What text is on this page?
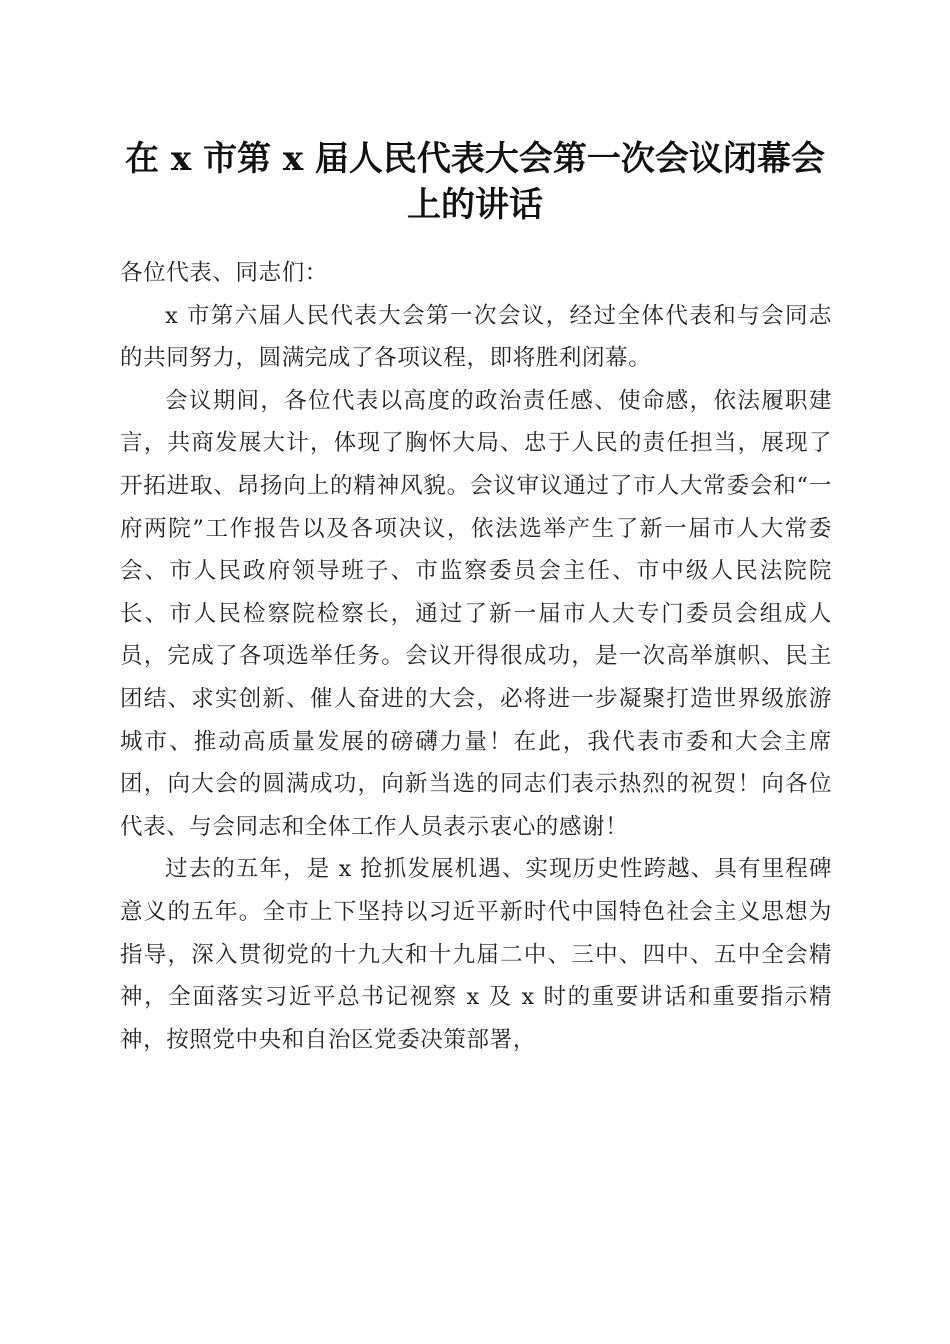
在 x 市第 x 届人民代表大会第一次会议闭幕会上的讲话

各位代表、同志们：

x 市第六届人民代表大会第一次会议，经过全体代表和与会同志的共同努力，圆满完成了各项议程，即将胜利闭幕。

会议期间，各位代表以高度的政治责任感、使命感，依法履职建言，共商发展大计，体现了胸怀大局、忠于人民的责任担当，展现了开拓进取、昂扬向上的精神风貌。会议审议通过了市人大常委会和“一府两院”工作报告以及各项决议，依法选举产生了新一届市人大常委会、市人民政府领导班子、市监察委员会主任、市中级人民法院院长、市人民检察院检察长，通过了新一届市人大专门委员会组成人员，完成了各项选举任务。会议开得很成功，是一次高举旗帜、民主团结、求实创新、催人奋进的大会，必将进一步凝聚打造世界级旅游城市、推动高质量发展的磅礴力量！在此，我代表市委和大会主席团，向大会的圆满成功，向新当选的同志们表示热烈的祝贺！向各位代表、与会同志和全体工作人员表示衷心的感谢！

过去的五年，是 x 抢抓发展机遇、实现历史性跨越、具有里程碑意义的五年。全市上下坚持以习近平新时代中国特色社会主义思想为指导，深入贯彻党的十九大和十九届二中、三中、四中、五中全会精神，全面落实习近平总书记视察 x 及 x 时的重要讲话和重要指示精神，按照党中央和自治区党委决策部署，
